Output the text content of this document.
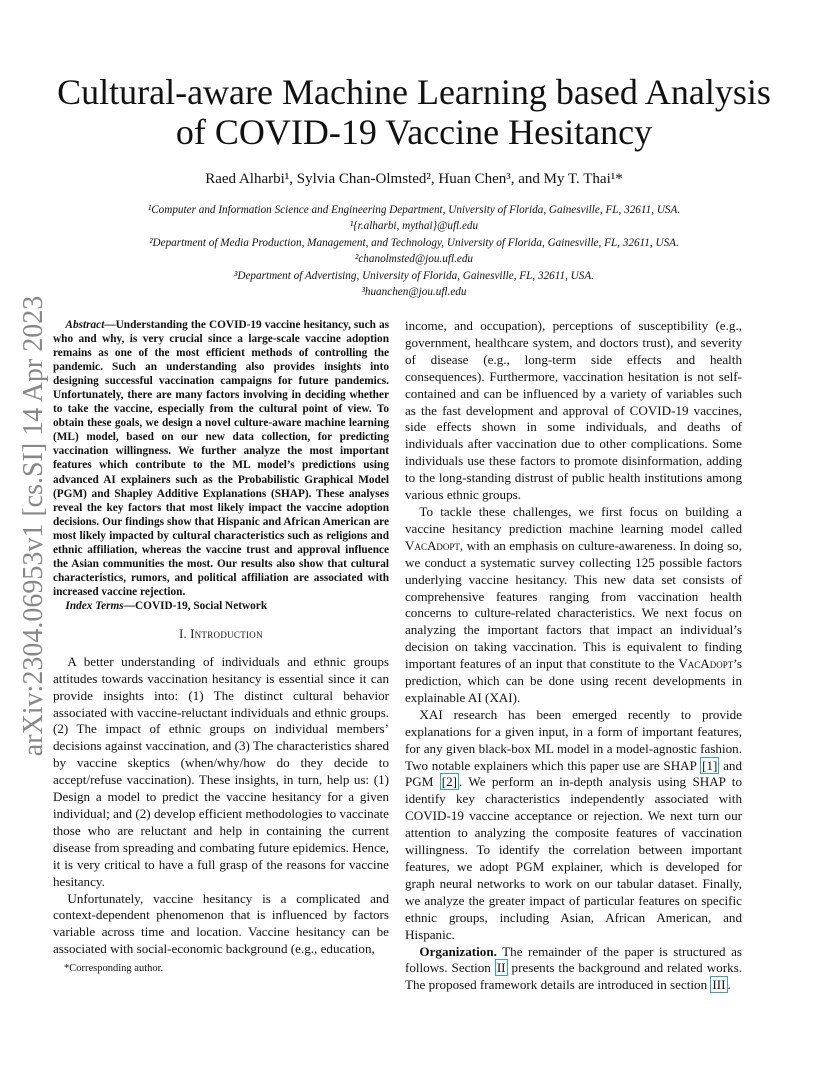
Cultural-aware Machine Learning based Analysis
of COVID-19 Vaccine Hesitancy
Raed Alharbi¹, Sylvia Chan-Olmsted², Huan Chen³, and My T. Thai¹*
¹Computer and Information Science and Engineering Department, University of Florida, Gainesville, FL, 32611, USA.
¹{r.alharbi, mythai}@ufl.edu
²Department of Media Production, Management, and Technology, University of Florida, Gainesville, FL, 32611, USA.
²chanolmsted@jou.ufl.edu
³Department of Advertising, University of Florida, Gainesville, FL, 32611, USA.
³huanchen@jou.ufl.edu
arXiv:2304.06953v1 [cs.SI] 14 Apr 2023	Abstract—Understanding the COVID-19 vaccine hesitancy, such as who and why, is very crucial since a large-scale vaccine adoption remains as one of the most efficient methods of controlling the pandemic. Such an understanding also provides insights into designing successful vaccination campaigns for future pandemics. Unfortunately, there are many factors involving in deciding whether to take the vaccine, especially from the cultural point of view. To obtain these goals, we design a novel culture-aware machine learning (ML) model, based on our new data collection, for predicting vaccination willingness. We further analyze the most important features which contribute to the ML model’s predictions using advanced AI explainers such as the Probabilistic Graphical Model (PGM) and Shapley Additive Explanations (SHAP). These analyses reveal the key factors that most likely impact the vaccine adoption decisions. Our findings show that Hispanic and African American are most likely impacted by cultural characteristics such as religions and ethnic affiliation, whereas the vaccine trust and approval influence the Asian communities the most. Our results also show that cultural characteristics, rumors, and political affiliation are associated with increased vaccine rejection.

Index Terms—COVID-19, Social Network

I. Introduction

A better understanding of individuals and ethnic groups attitudes towards vaccination hesitancy is essential since it can provide insights into: (1) The distinct cultural behavior associated with vaccine-reluctant individuals and ethnic groups. (2) The impact of ethnic groups on individual members’ decisions against vaccination, and (3) The characteristics shared by vaccine skeptics (when/why/how do they decide to accept/refuse vaccination). These insights, in turn, help us: (1) Design a model to predict the vaccine hesitancy for a given individual; and (2) develop efficient methodologies to vaccinate those who are reluctant and help in containing the current disease from spreading and combating future epidemics. Hence, it is very critical to have a full grasp of the reasons for vaccine hesitancy.

Unfortunately, vaccine hesitancy is a complicated and context-dependent phenomenon that is influenced by factors variable across time and location. Vaccine hesitancy can be associated with social-economic background (e.g., education,

income, and occupation), perceptions of susceptibility (e.g., government, healthcare system, and doctors trust), and severity of disease (e.g., long-term side effects and health consequences). Furthermore, vaccination hesitation is not self-contained and can be influenced by a variety of variables such as the fast development and approval of COVID-19 vaccines, side effects shown in some individuals, and deaths of individuals after vaccination due to other complications. Some individuals use these factors to promote disinformation, adding to the long-standing distrust of public health institutions among various ethnic groups.

To tackle these challenges, we first focus on building a vaccine hesitancy prediction machine learning model called VacAdopt, with an emphasis on culture-awareness. In doing so, we conduct a systematic survey collecting 125 possible factors underlying vaccine hesitancy. This new data set consists of comprehensive features ranging from vaccination health concerns to culture-related characteristics. We next focus on analyzing the important factors that impact an individual’s decision on taking vaccination. This is equivalent to finding important features of an input that constitute to the VacAdopt’s prediction, which can be done using recent developments in explainable AI (XAI).

XAI research has been emerged recently to provide explanations for a given input, in a form of important features, for any given black-box ML model in a model-agnostic fashion. Two notable explainers which this paper use are SHAP [1] and PGM [2] . We perform an in-depth analysis using SHAP to identify key characteristics independently associated with COVID-19 vaccine acceptance or rejection. We next turn our attention to analyzing the composite features of vaccination willingness. To identify the correlation between important features, we adopt PGM explainer, which is developed for graph neural networks to work on our tabular dataset. Finally, we analyze the greater impact of particular features on specific ethnic groups, including Asian, African American, and Hispanic.

Organization. The remainder of the paper is structured as follows. Section II presents the background and related works. The proposed framework details are introduced in section III .

*Corresponding author.
